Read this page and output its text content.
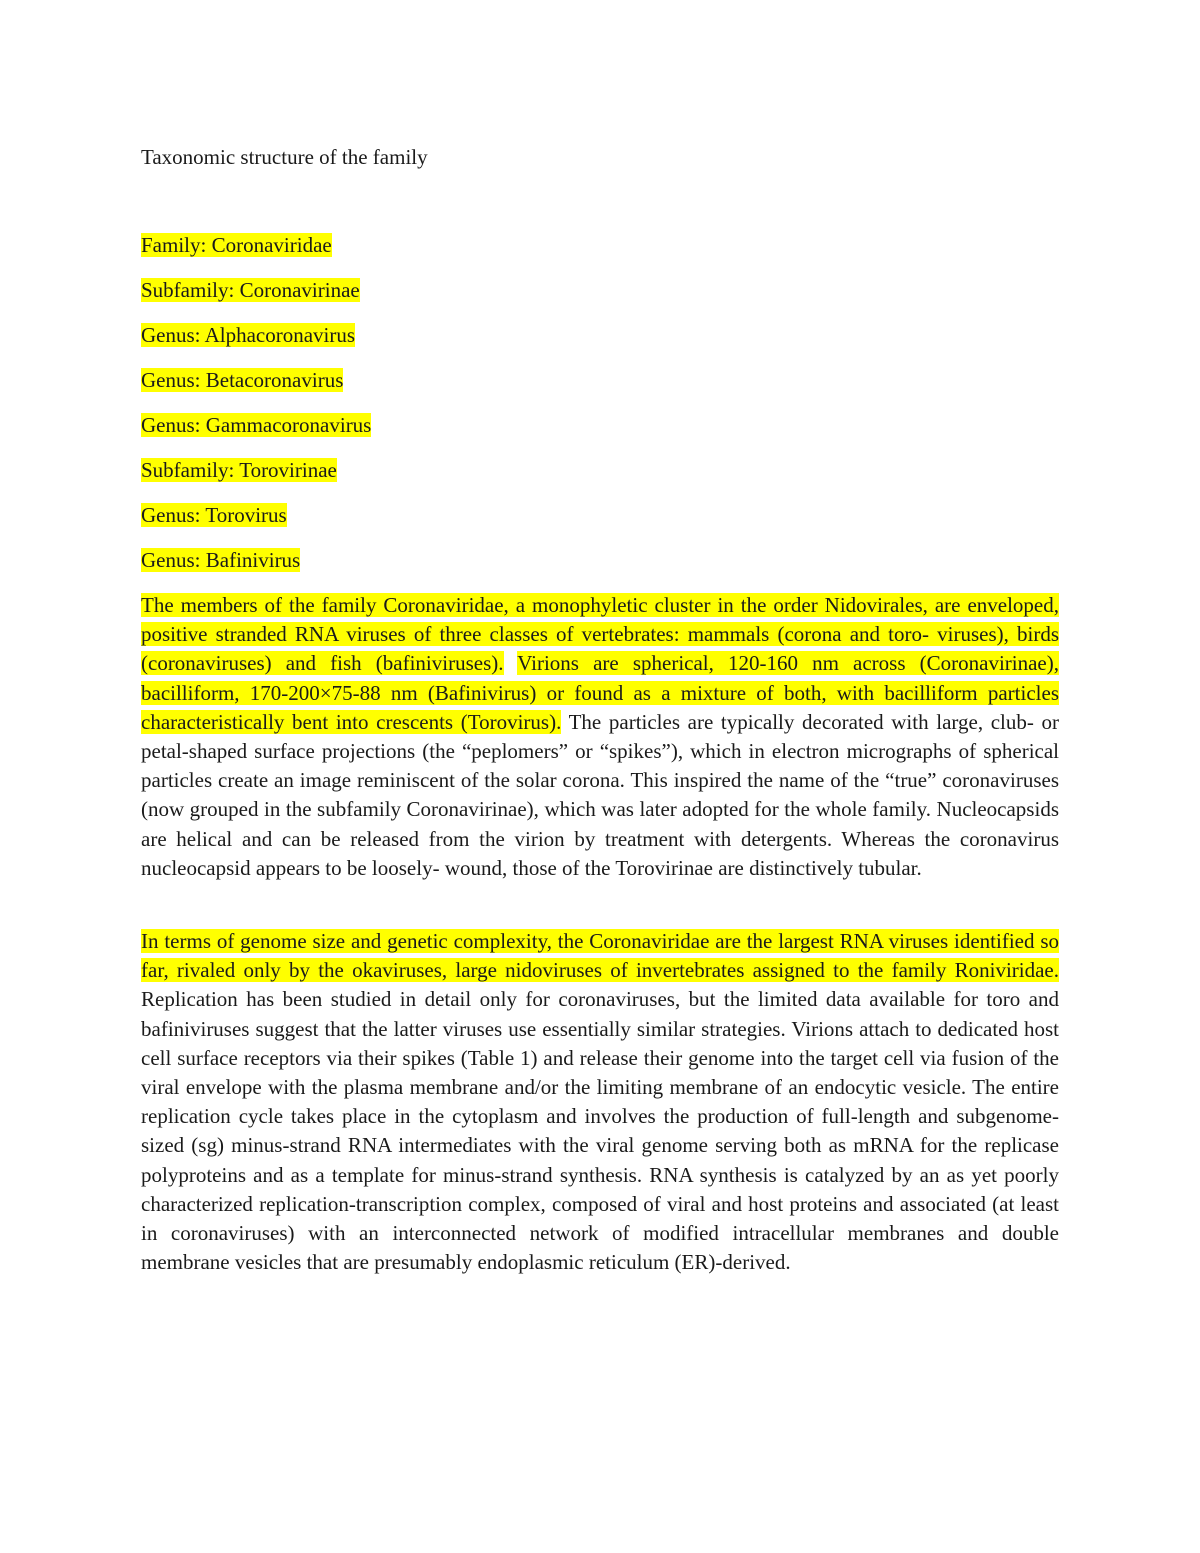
Taxonomic structure of the family
Family: Coronaviridae
Subfamily: Coronavirinae
Genus: Alphacoronavirus
Genus: Betacoronavirus
Genus: Gammacoronavirus
Subfamily: Torovirinae
Genus: Torovirus
Genus: Bafinivirus

The members of the family Coronaviridae, a monophyletic cluster in the order Nidovirales, are enveloped, positive stranded RNA viruses of three classes of vertebrates: mammals (corona and toro- viruses), birds (coronaviruses) and fish (bafiniviruses). Virions are spherical, 120-160 nm across (Coronavirinae), bacilliform, 170-200×75-88 nm (Bafinivirus) or found as a mixture of both, with bacilliform particles characteristically bent into crescents (Torovirus). The particles are typically decorated with large, club- or petal-shaped surface projections (the “peplomers” or “spikes”), which in electron micrographs of spherical particles create an image reminiscent of the solar corona. This inspired the name of the “true” coronaviruses (now grouped in the subfamily Coronavirinae), which was later adopted for the whole family. Nucleocapsids are helical and can be released from the virion by treatment with detergents. Whereas the coronavirus nucleocapsid appears to be loosely- wound, those of the Torovirinae are distinctively tubular.

In terms of genome size and genetic complexity, the Coronaviridae are the largest RNA viruses identified so far, rivaled only by the okaviruses, large nidoviruses of invertebrates assigned to the family Roniviridae. Replication has been studied in detail only for coronaviruses, but the limited data available for toro and bafiniviruses suggest that the latter viruses use essentially similar strategies. Virions attach to dedicated host cell surface receptors via their spikes (Table 1) and release their genome into the target cell via fusion of the viral envelope with the plasma membrane and/or the limiting membrane of an endocytic vesicle. The entire replication cycle takes place in the cytoplasm and involves the production of full-length and subgenome-sized (sg) minus-strand RNA intermediates with the viral genome serving both as mRNA for the replicase polyproteins and as a template for minus-strand synthesis. RNA synthesis is catalyzed by an as yet poorly characterized replication-transcription complex, composed of viral and host proteins and associated (at least in coronaviruses) with an interconnected network of modified intracellular membranes and double membrane vesicles that are presumably endoplasmic reticulum (ER)-derived.
